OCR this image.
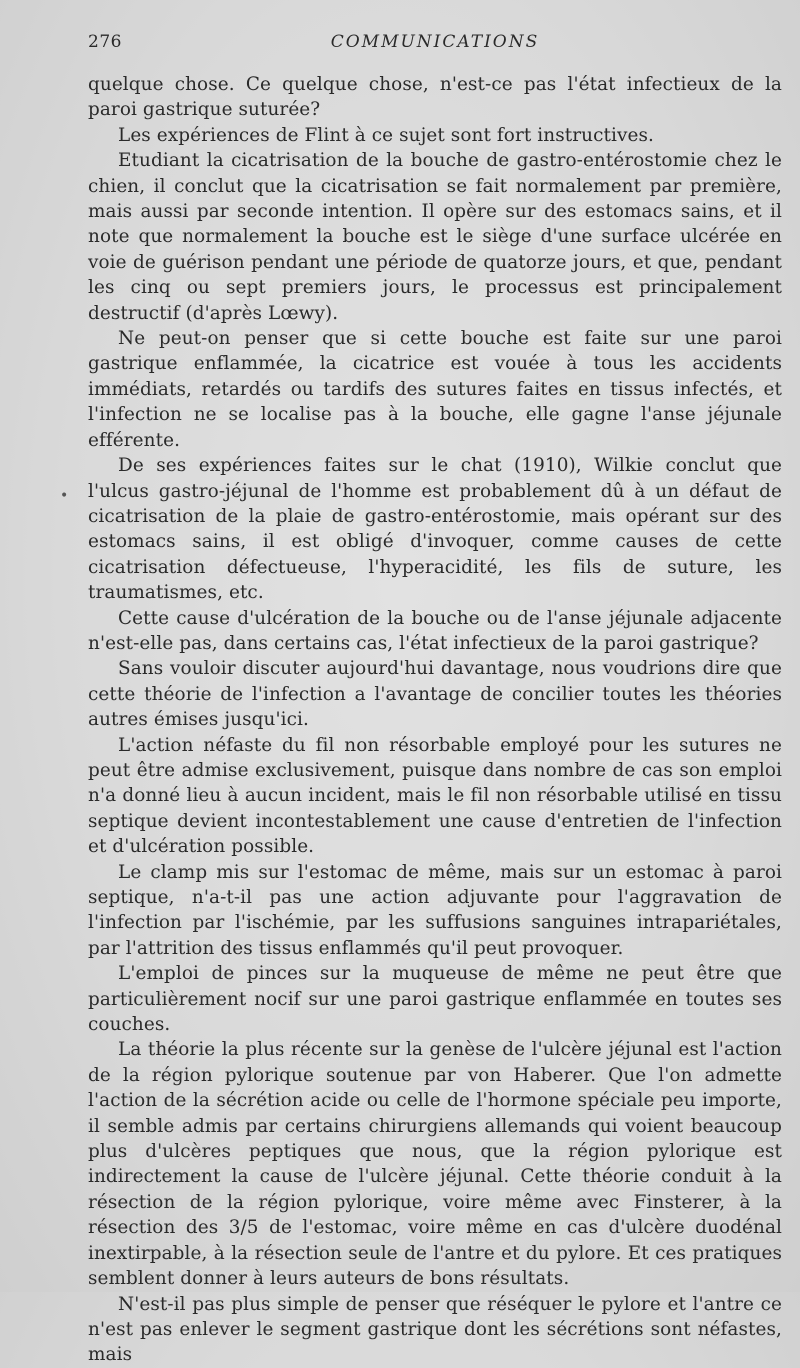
276	COMMUNICATIONS

quelque chose. Ce quelque chose, n'est-ce pas l'état infectieux de la paroi gastrique suturée?

Les expériences de Flint à ce sujet sont fort instructives.

Etudiant la cicatrisation de la bouche de gastro-entérostomie chez le chien, il conclut que la cicatrisation se fait normalement par première, mais aussi par seconde intention. Il opère sur des estomacs sains, et il note que normalement la bouche est le siège d'une surface ulcérée en voie de guérison pendant une période de quatorze jours, et que, pendant les cinq ou sept premiers jours, le processus est principalement destructif (d'après Lœwy).

Ne peut-on penser que si cette bouche est faite sur une paroi gastrique enflammée, la cicatrice est vouée à tous les accidents immédiats, retardés ou tardifs des sutures faites en tissus infectés, et l'infection ne se localise pas à la bouche, elle gagne l'anse jéjunale efférente.

De ses expériences faites sur le chat (1910), Wilkie conclut que l'ulcus gastro-jéjunal de l'homme est probablement dû à un défaut de cicatrisation de la plaie de gastro-entérostomie, mais opérant sur des estomacs sains, il est obligé d'invoquer, comme causes de cette cicatrisation défectueuse, l'hyperacidité, les fils de suture, les traumatismes, etc.

Cette cause d'ulcération de la bouche ou de l'anse jéjunale adjacente n'est-elle pas, dans certains cas, l'état infectieux de la paroi gastrique?

Sans vouloir discuter aujourd'hui davantage, nous voudrions dire que cette théorie de l'infection a l'avantage de concilier toutes les théories autres émises jusqu'ici.

L'action néfaste du fil non résorbable employé pour les sutures ne peut être admise exclusivement, puisque dans nombre de cas son emploi n'a donné lieu à aucun incident, mais le fil non résorbable utilisé en tissu septique devient incontestablement une cause d'entretien de l'infection et d'ulcération possible.

Le clamp mis sur l'estomac de même, mais sur un estomac à paroi septique, n'a-t-il pas une action adjuvante pour l'aggravation de l'infection par l'ischémie, par les suffusions sanguines intrapariétales, par l'attrition des tissus enflammés qu'il peut provoquer.

L'emploi de pinces sur la muqueuse de même ne peut être que particulièrement nocif sur une paroi gastrique enflammée en toutes ses couches.

La théorie la plus récente sur la genèse de l'ulcère jéjunal est l'action de la région pylorique soutenue par von Haberer. Que l'on admette l'action de la sécrétion acide ou celle de l'hormone spéciale peu importe, il semble admis par certains chirurgiens allemands qui voient beaucoup plus d'ulcères peptiques que nous, que la région pylorique est indirectement la cause de l'ulcère jéjunal. Cette théorie conduit à la résection de la région pylorique, voire même avec Finsterer, à la résection des 3/5 de l'estomac, voire même en cas d'ulcère duodénal inextirpable, à la résection seule de l'antre et du pylore. Et ces pratiques semblent donner à leurs auteurs de bons résultats.

N'est-il pas plus simple de penser que réséquer le pylore et l'antre ce n'est pas enlever le segment gastrique dont les sécrétions sont néfastes, mais

•
